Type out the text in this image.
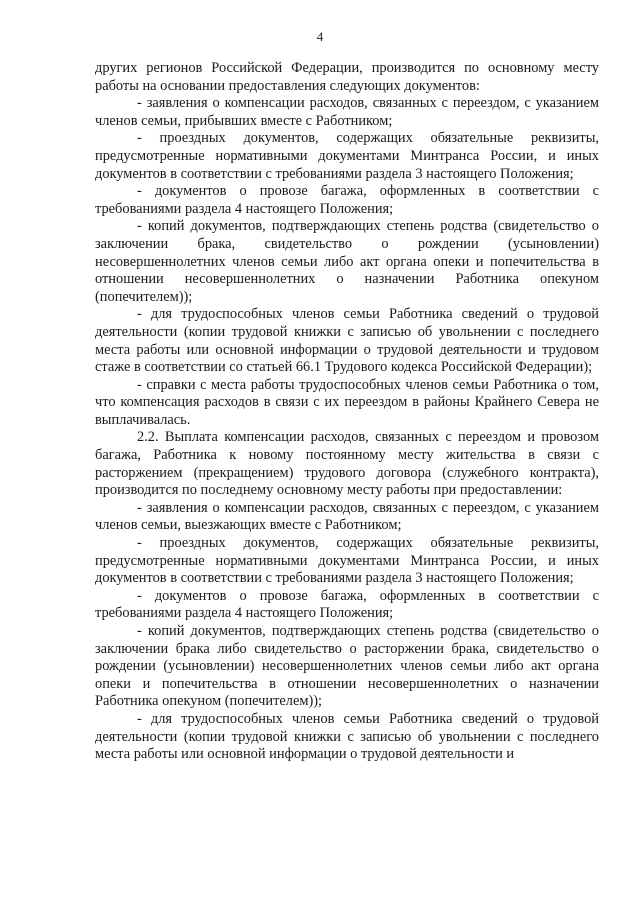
4

других регионов Российской Федерации, производится по основному месту работы на основании предоставления следующих документов:

- заявления о компенсации расходов, связанных с переездом, с указанием членов семьи, прибывших вместе с Работником;

- проездных документов, содержащих обязательные реквизиты, предусмотренные нормативными документами Минтранса России, и иных документов в соответствии с требованиями раздела 3 настоящего Положения;

- документов о провозе багажа, оформленных в соответствии с требованиями раздела 4 настоящего Положения;

- копий документов, подтверждающих степень родства (свидетельство о заключении брака, свидетельство о рождении (усыновлении) несовершеннолетних членов семьи либо акт органа опеки и попечительства в отношении несовершеннолетних о назначении Работника опекуном (попечителем));

- для трудоспособных членов семьи Работника сведений о трудовой деятельности (копии трудовой книжки с записью об увольнении с последнего места работы или основной информации о трудовой деятельности и трудовом стаже в соответствии со статьей 66.1 Трудового кодекса Российской Федерации);

- справки с места работы трудоспособных членов семьи Работника о том, что компенсация расходов в связи с их переездом в районы Крайнего Севера не выплачивалась.

2.2. Выплата компенсации расходов, связанных с переездом и провозом багажа, Работника к новому постоянному месту жительства в связи с расторжением (прекращением) трудового договора (служебного контракта), производится по последнему основному месту работы при предоставлении:

- заявления о компенсации расходов, связанных с переездом, с указанием членов семьи, выезжающих вместе с Работником;

- проездных документов, содержащих обязательные реквизиты, предусмотренные нормативными документами Минтранса России, и иных документов в соответствии с требованиями раздела 3 настоящего Положения;

- документов о провозе багажа, оформленных в соответствии с требованиями раздела 4 настоящего Положения;

- копий документов, подтверждающих степень родства (свидетельство о заключении брака либо свидетельство о расторжении брака, свидетельство о рождении (усыновлении) несовершеннолетних членов семьи либо акт органа опеки и попечительства в отношении несовершеннолетних о назначении Работника опекуном (попечителем));

- для трудоспособных членов семьи Работника сведений о трудовой деятельности (копии трудовой книжки с записью об увольнении с последнего места работы или основной информации о трудовой деятельности и
